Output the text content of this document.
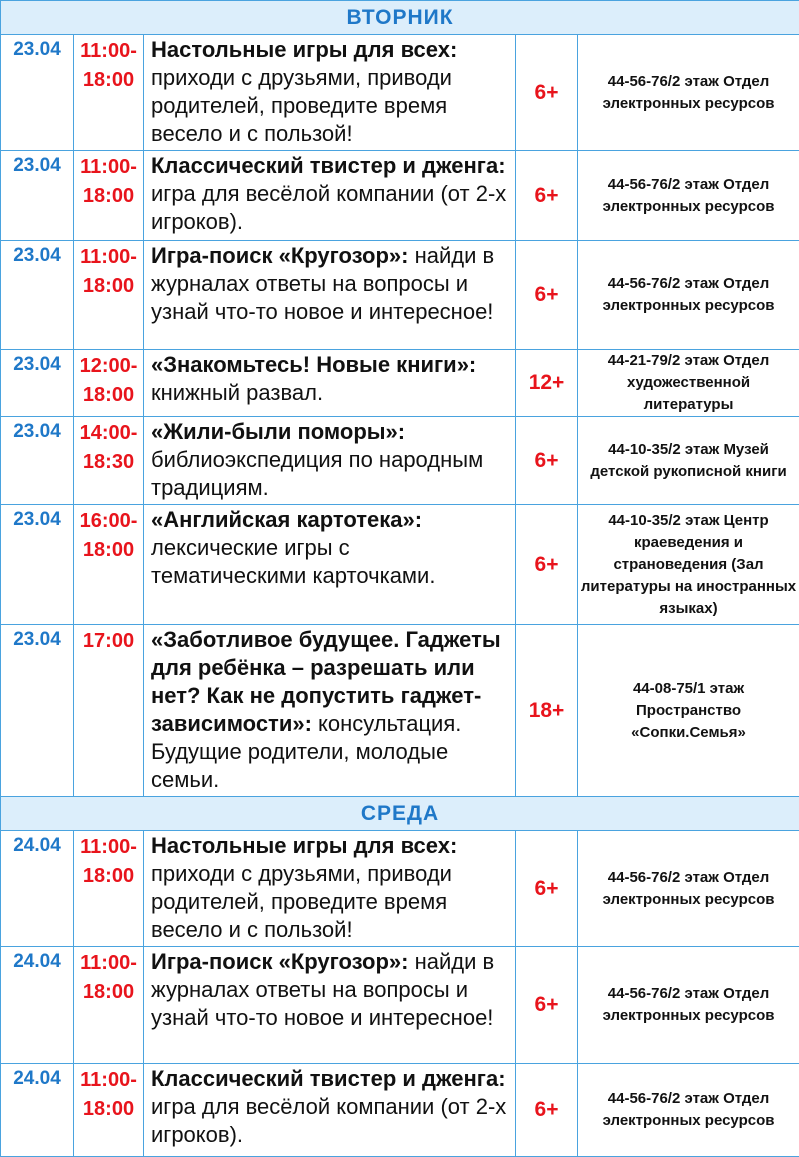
ВТОРНИК				
23.04	11:00-18:00	Настольные игры для всех: приходи с друзьями, приводи родителей, проведите время весело и с пользой!	6+	44-56-76/2 этаж Отдел электронных ресурсов
23.04	11:00-18:00	Классический твистер и дженга: игра для весёлой компании (от 2-х игроков).	6+	44-56-76/2 этаж Отдел электронных ресурсов
23.04	11:00-18:00	Игра-поиск «Кругозор»: найди в журналах ответы на вопросы и узнай что-то новое и интересное!	6+	44-56-76/2 этаж Отдел электронных ресурсов
23.04	12:00-18:00	«Знакомьтесь! Новые книги»: книжный развал.	12+	44-21-79/2 этаж Отдел художественной литературы
23.04	14:00-18:30	«Жили-были поморы»: библиоэкспедиция по народным традициям.	6+	44-10-35/2 этаж Музей детской рукописной книги
23.04	16:00-18:00	«Английская картотека»: лексические игры с тематическими карточками.	6+	44-10-35/2 этаж Центр краеведения и страноведения (Зал литературы на иностранных языках)
23.04	17:00	«Заботливое будущее. Гаджеты для ребёнка – разрешать или нет? Как не допустить гаджет-зависимости»: консультация. Будущие родители, молодые семьи.	18+	44-08-75/1 этаж Пространство «Сопки.Семья»
СРЕДА				
24.04	11:00-18:00	Настольные игры для всех: приходи с друзьями, приводи родителей, проведите время весело и с пользой!	6+	44-56-76/2 этаж Отдел электронных ресурсов
24.04	11:00-18:00	Игра-поиск «Кругозор»: найди в журналах ответы на вопросы и узнай что-то новое и интересное!	6+	44-56-76/2 этаж Отдел электронных ресурсов
24.04	11:00-18:00	Классический твистер и дженга: игра для весёлой компании (от 2-х игроков).	6+	44-56-76/2 этаж Отдел электронных ресурсов
